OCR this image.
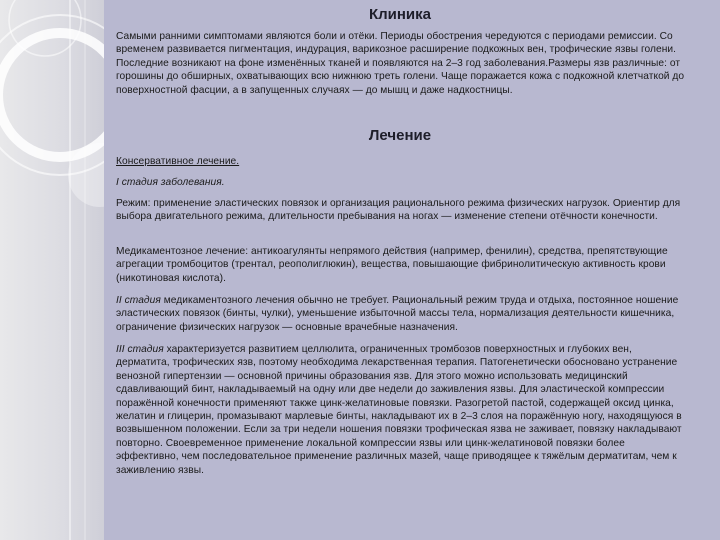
Клиника

Самыми ранними симптомами являются боли и отёки. Периоды обострения чередуются с периодами ремиссии. Со временем развивается пигментация, индурация, варикозное расширение подкожных вен, трофические язвы голени. Последние возникают на фоне изменённых тканей и появляются на 2–3 год заболевания.Размеры язв различные: от горошины до обширных, охватывающих всю нижнюю треть голени. Чаще поражается кожа с подкожной клетчаткой до поверхностной фасции, а в запущенных случаях — до мышц и даже надкостницы.

Лечение

Консервативное лечение.

I стадия заболевания.

Режим: применение эластических повязок и организация рационального режима физических нагрузок. Ориентир для выбора двигательного режима, длительности пребывания на ногах — изменение степени отёчности конечности.

Медикаментозное лечение: антикоагулянты непрямого действия (например, фенилин), средства, препятствующие агрегации тромбоцитов (трентал, реополиглюкин), вещества, повышающие фибринолитическую активность крови (никотиновая кислота).

II стадия медикаментозного лечения обычно не требует. Рациональный режим труда и отдыха, постоянное ношение эластических повязок (бинты, чулки), уменьшение избыточной массы тела, нормализация деятельности кишечника, ограничение физических нагрузок — основные врачебные назначения.

III стадия характеризуется развитием целлюлита, ограниченных тромбозов поверхностных и глубоких вен, дерматита, трофических язв, поэтому необходима лекарственная терапия. Патогенетически обосновано устранение венозной гипертензии — основной причины образования язв. Для этого можно использовать медицинский сдавливающий бинт, накладываемый на одну или две недели до заживления язвы. Для эластической компрессии поражённой конечности применяют также цинк-желатиновые повязки. Разогретой пастой, содержащей оксид цинка, желатин и глицерин, промазывают марлевые бинты, накладывают их в 2–3 слоя на поражённую ногу, находящуюся в возвышенном положении. Если за три недели ношения повязки трофическая язва не заживает, повязку накладывают повторно. Своевременное применение локальной компрессии язвы или цинк-желатиновой повязки более эффективно, чем последовательное применение различных мазей, чаще приводящее к тяжёлым дерматитам, чем к заживлению язвы.
